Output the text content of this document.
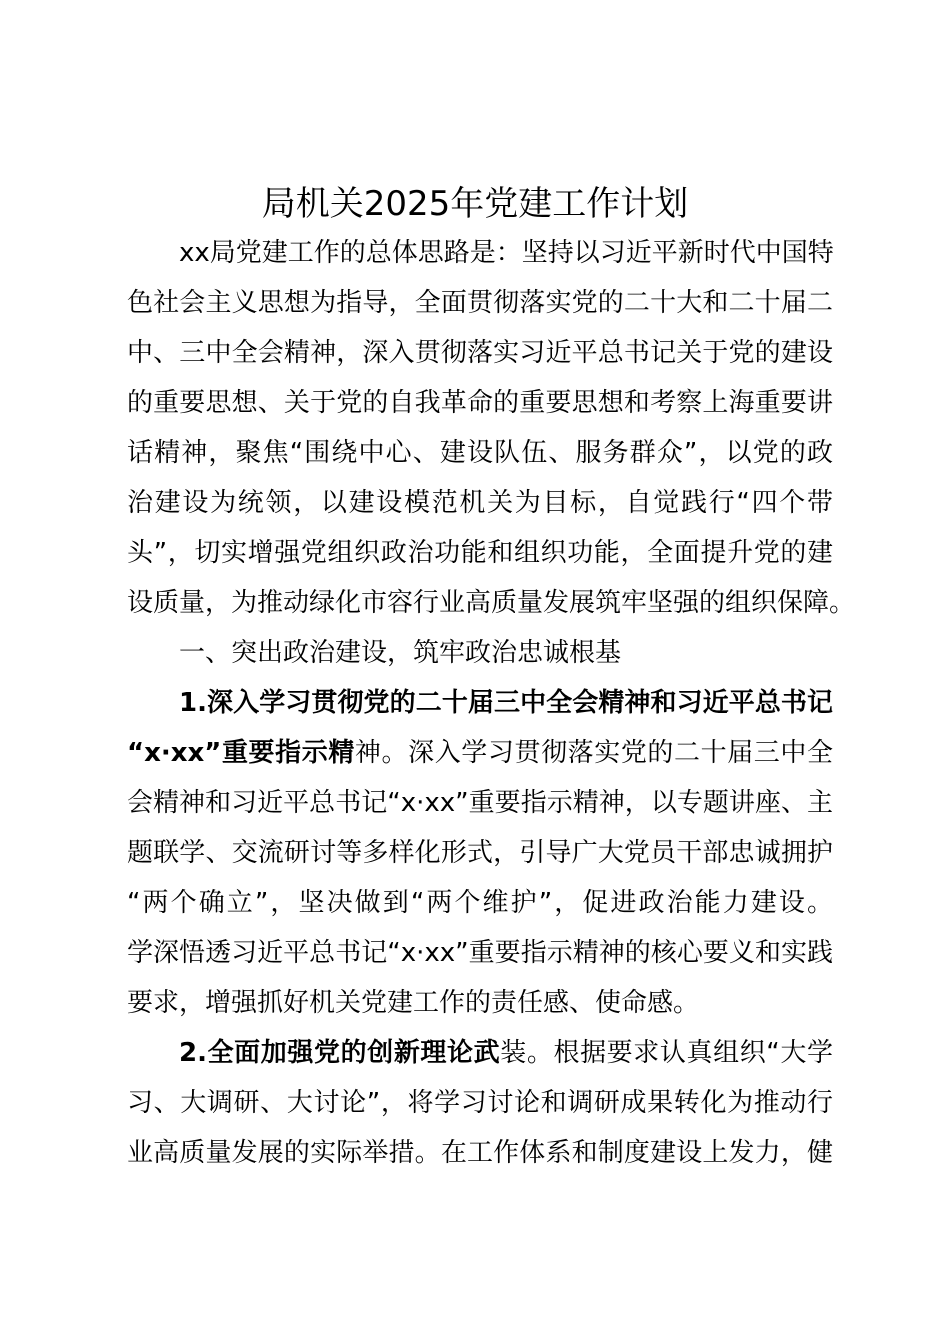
局机关2025年党建工作计划
xx局党建工作的总体思路是：坚持以习近平新时代中国特
色社会主义思想为指导，全面贯彻落实党的二十大和二十届二
中、三中全会精神，深入贯彻落实习近平总书记关于党的建设
的重要思想、关于党的自我革命的重要思想和考察上海重要讲
话精神，聚焦“围绕中心、建设队伍、服务群众”，以党的政
治建设为统领，以建设模范机关为目标，自觉践行“四个带
头”，切实增强党组织政治功能和组织功能，全面提升党的建
设质量，为推动绿化市容行业高质量发展筑牢坚强的组织保障。
一、突出政治建设，筑牢政治忠诚根基
1.深入学习贯彻党的二十届三中全会精神和习近平总书记
“x·xx”重要指示精神。深入学习贯彻落实党的二十届三中全
会精神和习近平总书记“x·xx”重要指示精神，以专题讲座、主
题联学、交流研讨等多样化形式，引导广大党员干部忠诚拥护
“两个确立”，坚决做到“两个维护”，促进政治能力建设。
学深悟透习近平总书记“x·xx”重要指示精神的核心要义和实践
要求，增强抓好机关党建工作的责任感、使命感。
2.全面加强党的创新理论武装。根据要求认真组织“大学
习、大调研、大讨论”，将学习讨论和调研成果转化为推动行
业高质量发展的实际举措。在工作体系和制度建设上发力，健
